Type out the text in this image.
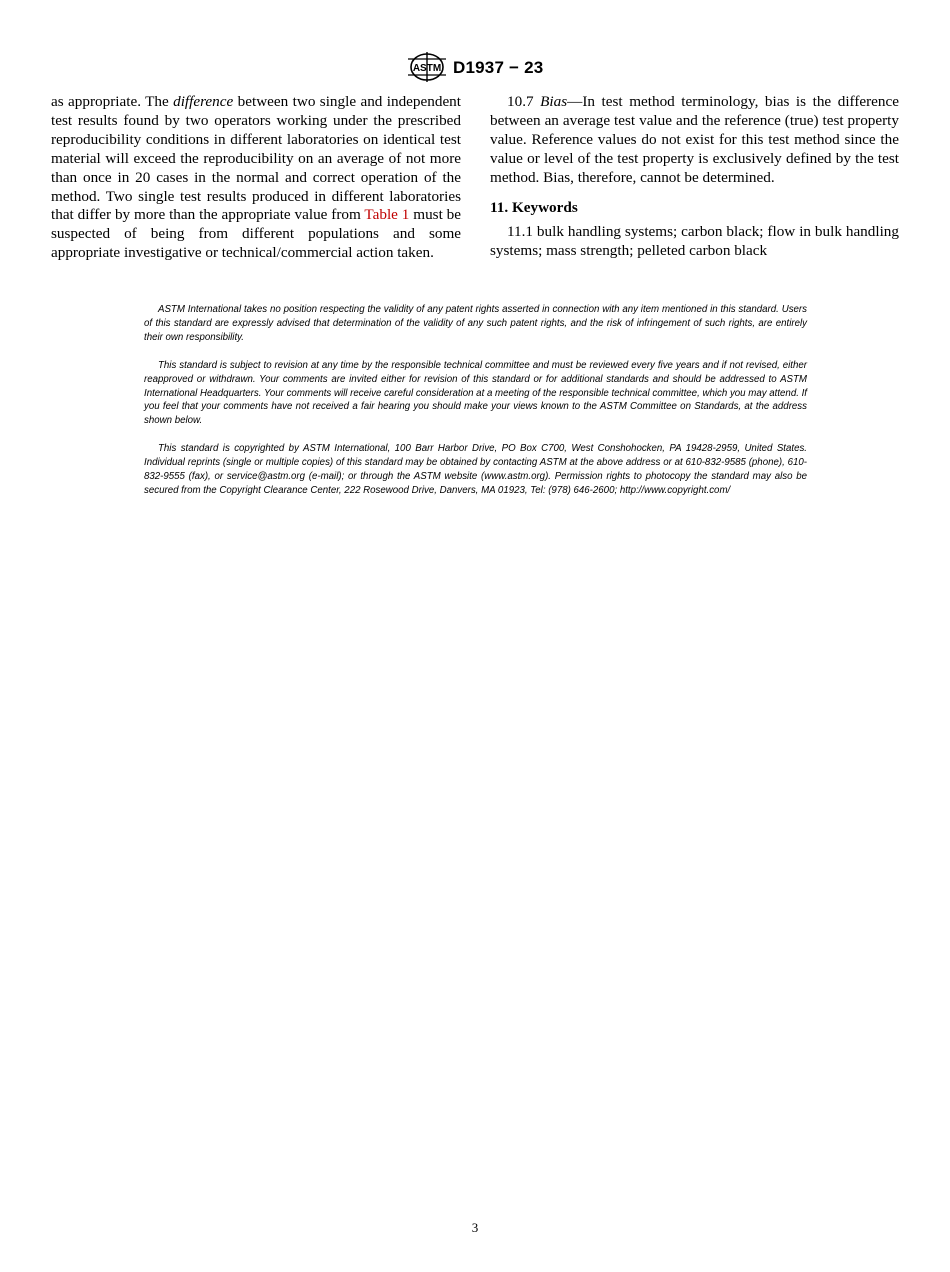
ASTM D1937 − 23

as appropriate. The difference between two single and independent test results found by two operators working under the prescribed reproducibility conditions in different laboratories on identical test material will exceed the reproducibility on an average of not more than once in 20 cases in the normal and correct operation of the method. Two single test results produced in different laboratories that differ by more than the appropriate value from Table 1 must be suspected of being from different populations and some appropriate investigative or technical/commercial action taken.

10.7 Bias—In test method terminology, bias is the difference between an average test value and the reference (true) test property value. Reference values do not exist for this test method since the value or level of the test property is exclusively defined by the test method. Bias, therefore, cannot be determined.

11. Keywords

11.1 bulk handling systems; carbon black; flow in bulk handling systems; mass strength; pelleted carbon black

ASTM International takes no position respecting the validity of any patent rights asserted in connection with any item mentioned in this standard. Users of this standard are expressly advised that determination of the validity of any such patent rights, and the risk of infringement of such rights, are entirely their own responsibility.

This standard is subject to revision at any time by the responsible technical committee and must be reviewed every five years and if not revised, either reapproved or withdrawn. Your comments are invited either for revision of this standard or for additional standards and should be addressed to ASTM International Headquarters. Your comments will receive careful consideration at a meeting of the responsible technical committee, which you may attend. If you feel that your comments have not received a fair hearing you should make your views known to the ASTM Committee on Standards, at the address shown below.

This standard is copyrighted by ASTM International, 100 Barr Harbor Drive, PO Box C700, West Conshohocken, PA 19428-2959, United States. Individual reprints (single or multiple copies) of this standard may be obtained by contacting ASTM at the above address or at 610-832-9585 (phone), 610-832-9555 (fax), or service@astm.org (e-mail); or through the ASTM website (www.astm.org). Permission rights to photocopy the standard may also be secured from the Copyright Clearance Center, 222 Rosewood Drive, Danvers, MA 01923, Tel: (978) 646-2600; http://www.copyright.com/

3
